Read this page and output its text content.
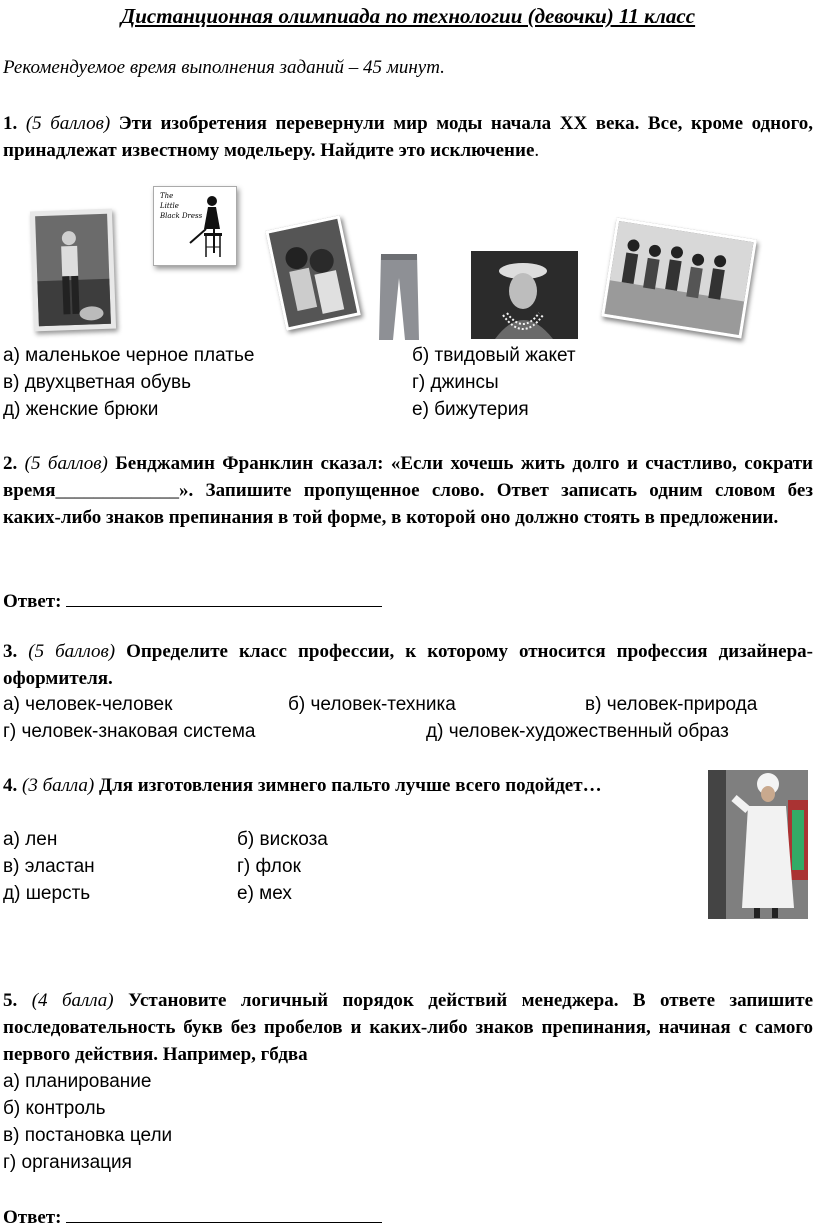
Дистанционная олимпиада по технологии (девочки) 11 класс
Рекомендуемое время выполнения заданий – 45 минут.
1. (5 баллов) Эти изобретения перевернули мир моды начала XX века. Все, кроме одного, принадлежат известному модельеру. Найдите это исключение.
The
Little
Black Dress
а) маленькое черное платье	б) твидовый жакет
в) двухцветная обувь	г) джинсы
д) женские брюки	е) бижутерия
2. (5 баллов) Бенджамин Франклин сказал: «Если хочешь жить долго и счастливо, сократи время_____________». Запишите пропущенное слово. Ответ записать одним словом без каких-либо знаков препинания в той форме, в которой оно должно стоять в предложении.
Ответ:
3. (5 баллов) Определите класс профессии, к которому относится профессия дизайнера-оформителя.
а) человек-человек	б) человек-техника	в) человек-природа
г) человек-знаковая система	д) человек-художественный образ
4. (3 балла) Для изготовления зимнего пальто лучше всего подойдет…
а) лен	б) вискоза
в) эластан	г) флок
д) шерсть	е) мех
5. (4 балла) Установите логичный порядок действий менеджера. В ответе запишите последовательность букв без пробелов и каких-либо знаков препинания, начиная с самого первого действия. Например, гбдва
а) планирование
б) контроль
в) постановка цели
г) организация
Ответ:
